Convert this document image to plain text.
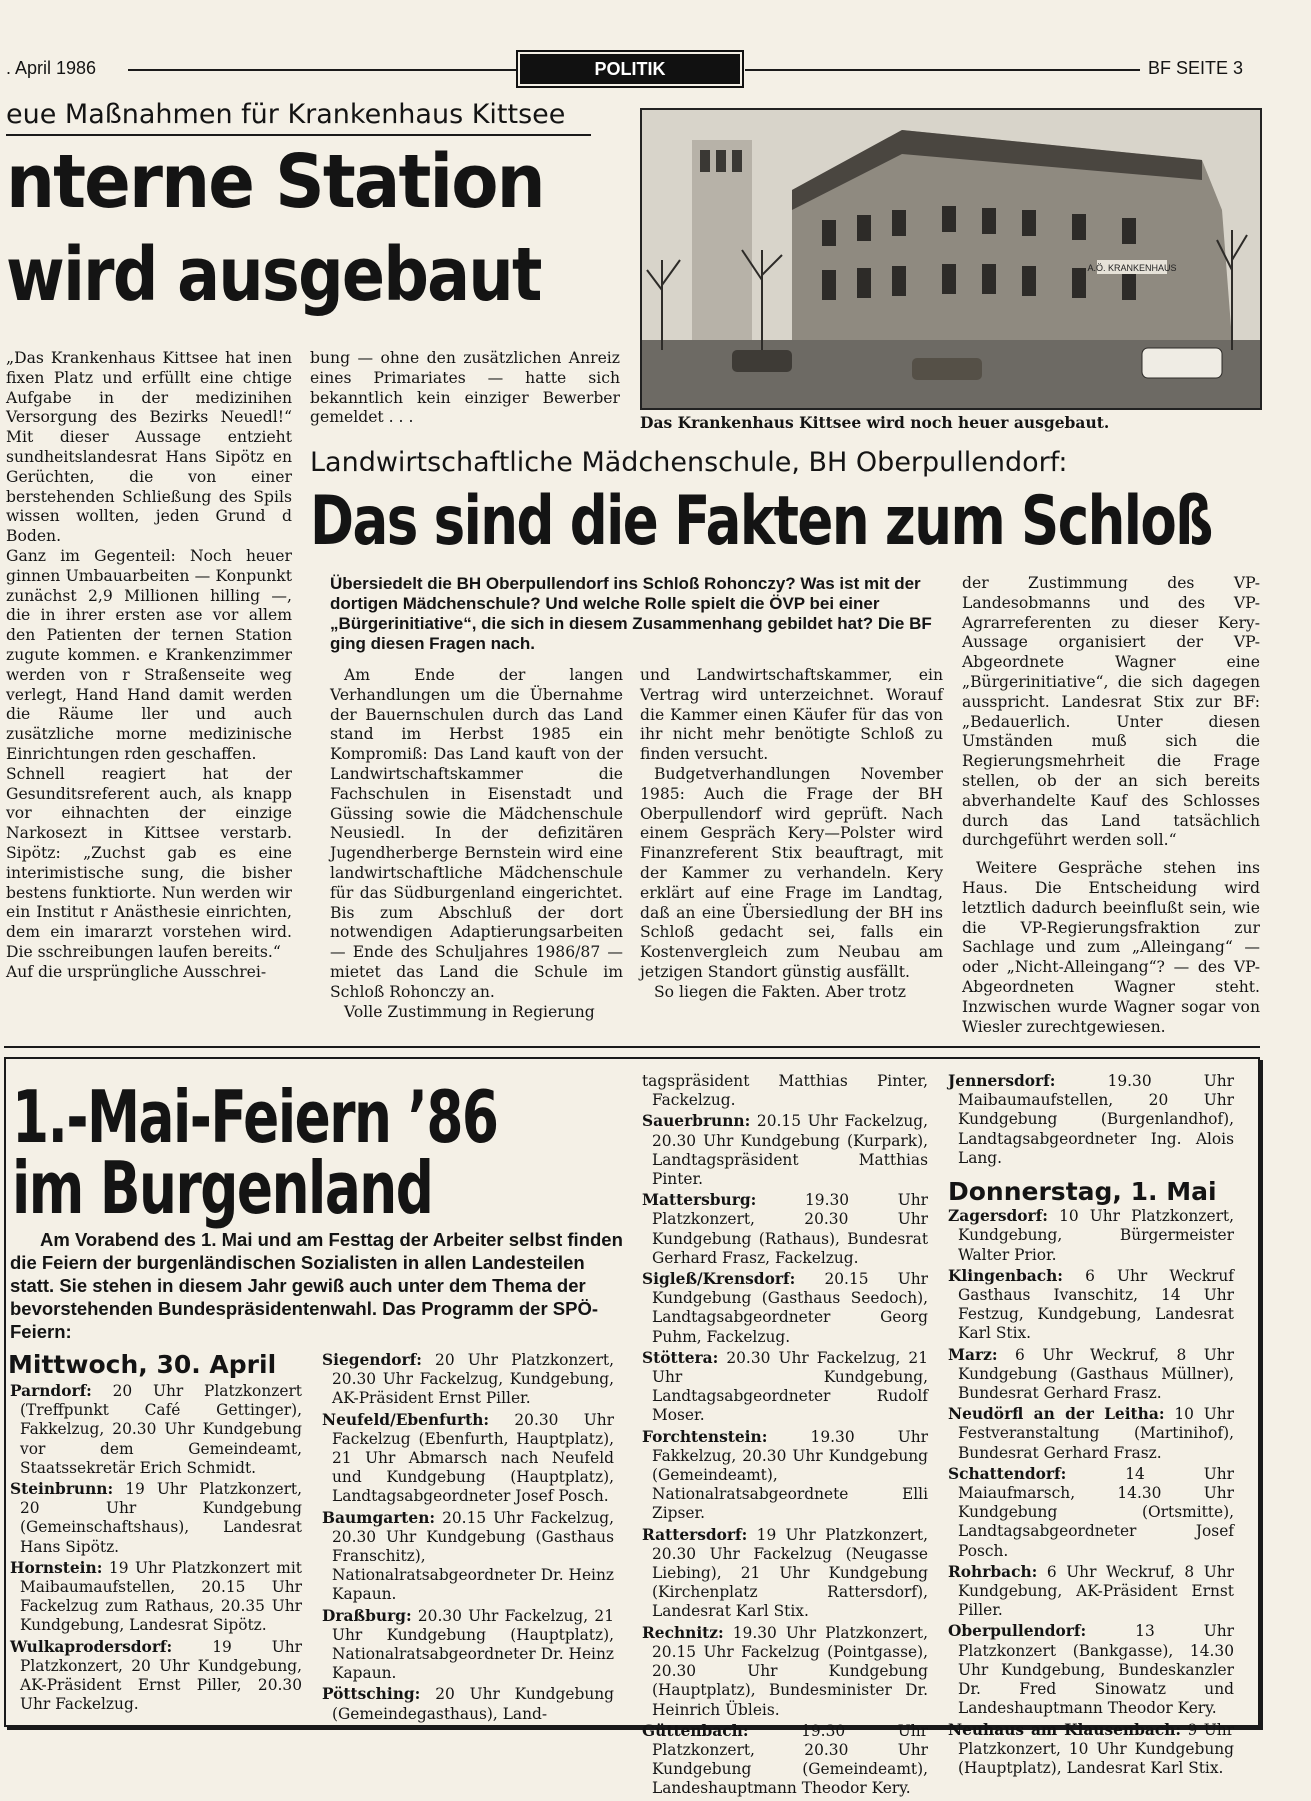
. April 1986	POLITIK	BF SEITE 3
eue Maßnahmen für Krankenhaus Kittsee
nterne Station
wird ausgebaut

„Das Krankenhaus Kittsee hat inen fixen Platz und erfüllt eine chtige Aufgabe in der medizinihen Versorgung des Bezirks Neuedl!“ Mit dieser Aussage entzieht sundheitslandesrat Hans Sipötz en Gerüchten, die von einer berstehenden Schließung des Spils wissen wollten, jeden Grund d Boden.

Ganz im Gegenteil: Noch heuer ginnen Umbauarbeiten — Konpunkt zunächst 2,9 Millionen hilling —, die in ihrer ersten ase vor allem den Patienten der ternen Station zugute kommen. e Krankenzimmer werden von r Straßenseite weg verlegt, Hand Hand damit werden die Räume ller und auch zusätzliche morne medizinische Einrichtungen rden geschaffen.

Schnell reagiert hat der Gesunditsreferent auch, als knapp vor eihnachten der einzige Narkosezt in Kittsee verstarb. Sipötz: „Zuchst gab es eine interimistische sung, die bisher bestens funktiorte. Nun werden wir ein Institut r Anästhesie einrichten, dem ein imararzt vorstehen wird. Die sschreibungen laufen bereits.“

Auf die ursprüngliche Ausschrei-

bung — ohne den zusätzlichen Anreiz eines Primariates — hatte sich bekanntlich kein einziger Bewerber gemeldet . . .

A.Ö. KRANKENHAUS
Das Krankenhaus Kittsee wird noch heuer ausgebaut.
Landwirtschaftliche Mädchenschule, BH Oberpullendorf:
Das sind die Fakten zum Schloß
Übersiedelt die BH Oberpullendorf ins Schloß Rohonczy? Was ist mit der dortigen Mädchenschule? Und welche Rolle spielt die ÖVP bei einer „Bürgerinitiative“, die sich in diesem Zusammenhang gebildet hat? Die BF ging diesen Fragen nach.

Am Ende der langen Verhandlungen um die Übernahme der Bauernschulen durch das Land stand im Herbst 1985 ein Kompromiß: Das Land kauft von der Landwirtschaftskammer die Fachschulen in Eisenstadt und Güssing sowie die Mädchenschule Neusiedl. In der defizitären Jugendherberge Bernstein wird eine landwirtschaftliche Mädchenschule für das Südburgenland eingerichtet. Bis zum Abschluß der dort notwendigen Adaptierungsarbeiten — Ende des Schuljahres 1986/87 — mietet das Land die Schule im Schloß Rohonczy an.

Volle Zustimmung in Regierung

und Landwirtschaftskammer, ein Vertrag wird unterzeichnet. Worauf die Kammer einen Käufer für das von ihr nicht mehr benötigte Schloß zu finden versucht.

Budgetverhandlungen November 1985: Auch die Frage der BH Oberpullendorf wird geprüft. Nach einem Gespräch Kery—Polster wird Finanzreferent Stix beauftragt, mit der Kammer zu verhandeln. Kery erklärt auf eine Frage im Landtag, daß an eine Übersiedlung der BH ins Schloß gedacht sei, falls ein Kostenvergleich zum Neubau am jetzigen Standort günstig ausfällt.

So liegen die Fakten. Aber trotz

der Zustimmung des VP-Landesobmanns und des VP-Agrarreferenten zu dieser Kery-Aussage organisiert der VP-Abgeordnete Wagner eine „Bürgerinitiative“, die sich dagegen ausspricht. Landesrat Stix zur BF: „Bedauerlich. Unter diesen Umständen muß sich die Regierungsmehrheit die Frage stellen, ob der an sich bereits abverhandelte Kauf des Schlosses durch das Land tatsächlich durchgeführt werden soll.“

Weitere Gespräche stehen ins Haus. Die Entscheidung wird letztlich dadurch beeinflußt sein, wie die VP-Regierungsfraktion zur Sachlage und zum „Alleingang“ — oder „Nicht-Alleingang“? — des VP-Abgeordneten Wagner steht. Inzwischen wurde Wagner sogar von Wiesler zurechtgewiesen.

1.-Mai-Feiern ’86
im Burgenland
Am Vorabend des 1. Mai und am Festtag der Arbeiter selbst finden die Feiern der burgenländischen Sozialisten in allen Landesteilen statt. Sie stehen in diesem Jahr gewiß auch unter dem Thema der bevorstehenden Bundespräsidentenwahl. Das Programm der SPÖ-Feiern:
Mittwoch, 30. April

Parndorf: 20 Uhr Platzkonzert (Treffpunkt Café Gettinger), Fakkelzug, 20.30 Uhr Kundgebung vor dem Gemeindeamt, Staatssekretär Erich Schmidt.

Steinbrunn: 19 Uhr Platzkonzert, 20 Uhr Kundgebung (Gemeinschaftshaus), Landesrat Hans Sipötz.

Hornstein: 19 Uhr Platzkonzert mit Maibaumaufstellen, 20.15 Uhr Fackelzug zum Rathaus, 20.35 Uhr Kundgebung, Landesrat Sipötz.

Wulkaprodersdorf: 19 Uhr Platzkonzert, 20 Uhr Kundgebung, AK-Präsident Ernst Piller, 20.30 Uhr Fackelzug.

Siegendorf: 20 Uhr Platzkonzert, 20.30 Uhr Fackelzug, Kundgebung, AK-Präsident Ernst Piller.

Neufeld/Ebenfurth: 20.30 Uhr Fackelzug (Ebenfurth, Hauptplatz), 21 Uhr Abmarsch nach Neufeld und Kundgebung (Hauptplatz), Landtagsabgeordneter Josef Posch.

Baumgarten: 20.15 Uhr Fackelzug, 20.30 Uhr Kundgebung (Gasthaus Franschitz), Nationalratsabgeordneter Dr. Heinz Kapaun.

Draßburg: 20.30 Uhr Fackelzug, 21 Uhr Kundgebung (Hauptplatz), Nationalratsabgeordneter Dr. Heinz Kapaun.

Pöttsching: 20 Uhr Kundgebung (Gemeindegasthaus), Land-

tagspräsident Matthias Pinter, Fackelzug.

Sauerbrunn: 20.15 Uhr Fackelzug, 20.30 Uhr Kundgebung (Kurpark), Landtagspräsident Matthias Pinter.

Mattersburg: 19.30 Uhr Platzkonzert, 20.30 Uhr Kundgebung (Rathaus), Bundesrat Gerhard Frasz, Fackelzug.

Sigleß/Krensdorf: 20.15 Uhr Kundgebung (Gasthaus Seedoch), Landtagsabgeordneter Georg Puhm, Fackelzug.

Stöttera: 20.30 Uhr Fackelzug, 21 Uhr Kundgebung, Landtagsabgeordneter Rudolf Moser.

Forchtenstein: 19.30 Uhr Fakkelzug, 20.30 Uhr Kundgebung (Gemeindeamt), Nationalratsabgeordnete Elli Zipser.

Rattersdorf: 19 Uhr Platzkonzert, 20.30 Uhr Fackelzug (Neugasse Liebing), 21 Uhr Kundgebung (Kirchenplatz Rattersdorf), Landesrat Karl Stix.

Rechnitz: 19.30 Uhr Platzkonzert, 20.15 Uhr Fackelzug (Pointgasse), 20.30 Uhr Kundgebung (Hauptplatz), Bundesminister Dr. Heinrich Übleis.

Güttenbach: 19.30 Uhr Platzkonzert, 20.30 Uhr Kundgebung (Gemeindeamt), Landeshauptmann Theodor Kery.

Jennersdorf: 19.30 Uhr Maibaumaufstellen, 20 Uhr Kundgebung (Burgenlandhof), Landtagsabgeordneter Ing. Alois Lang.

Donnerstag, 1. Mai

Zagersdorf: 10 Uhr Platzkonzert, Kundgebung, Bürgermeister Walter Prior.

Klingenbach: 6 Uhr Weckruf Gasthaus Ivanschitz, 14 Uhr Festzug, Kundgebung, Landesrat Karl Stix.

Marz: 6 Uhr Weckruf, 8 Uhr Kundgebung (Gasthaus Müllner), Bundesrat Gerhard Frasz.

Neudörfl an der Leitha: 10 Uhr Festveranstaltung (Martinihof), Bundesrat Gerhard Frasz.

Schattendorf: 14 Uhr Maiaufmarsch, 14.30 Uhr Kundgebung (Ortsmitte), Landtagsabgeordneter Josef Posch.

Rohrbach: 6 Uhr Weckruf, 8 Uhr Kundgebung, AK-Präsident Ernst Piller.

Oberpullendorf: 13 Uhr Platzkonzert (Bankgasse), 14.30 Uhr Kundgebung, Bundeskanzler Dr. Fred Sinowatz und Landeshauptmann Theodor Kery.

Neuhaus am Klausenbach: 9 Uhr Platzkonzert, 10 Uhr Kundgebung (Hauptplatz), Landesrat Karl Stix.
